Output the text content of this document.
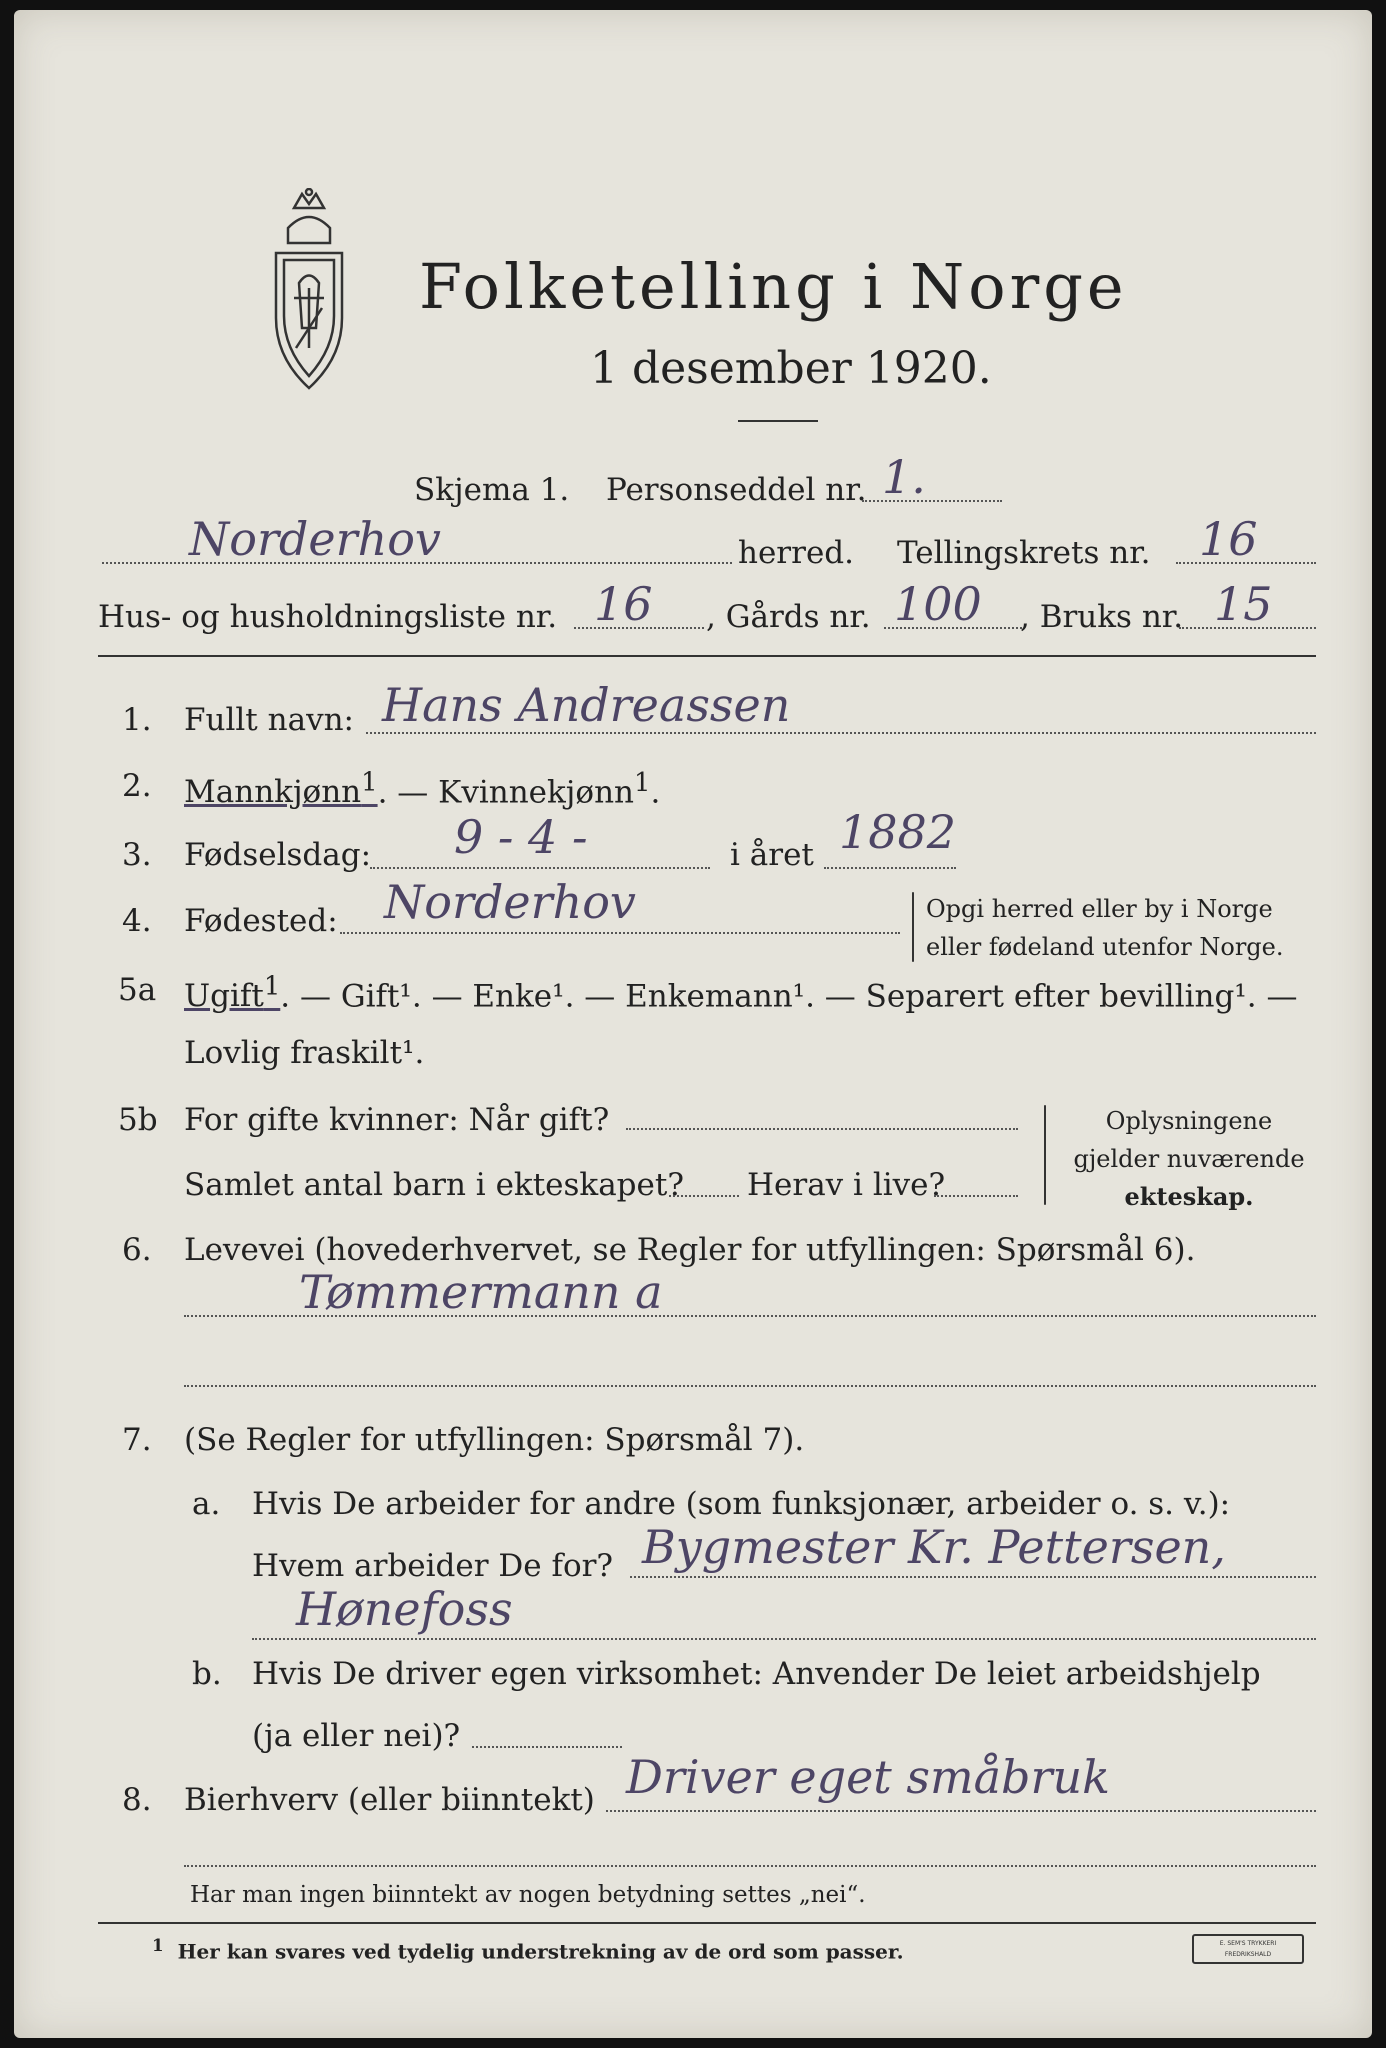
Folketelling i Norge
1 desember 1920.
Skjema 1. Personseddel nr. 1.
Norderhov	herred. Tellingskrets nr. 16
Hus- og husholdningsliste nr. 16 , Gårds nr. 100 , Bruks nr. 15
1. Fullt navn: Hans Andreassen
2. Mannkjønn$^1$. — Kvinnekjønn$^1$.
3. Fødselsdag: 9 - 4 -	i året 1882
4. Fødested: Norderhov	Opgi herred eller by i Norge
eller fødeland utenfor Norge.
5a Ugift$^1$. — Gift¹. — Enke¹. — Enkemann¹. — Separert efter bevilling¹. —
Lovlig fraskilt¹.
5b For gifte kvinner: Når gift?
Samlet antal barn i ekteskapet? Herav i live?
Oplysningene
gjelder nuværende
ekteskap.
6. Levevei (hovederhvervet, se Regler for utfyllingen: Spørsmål 6).
Tømmermann a
7. (Se Regler for utfyllingen: Spørsmål 7).
a. Hvis De arbeider for andre (som funksjonær, arbeider o. s. v.):
Hvem arbeider De for? Bygmester Kr. Pettersen,
Hønefoss
b. Hvis De driver egen virksomhet: Anvender De leiet arbeidshjelp
(ja eller nei)?
8. Bierhverv (eller biinntekt) Driver eget småbruk
Har man ingen biinntekt av nogen betydning settes „nei“.
$^1$ Her kan svares ved tydelig understrekning av de ord som passer.	E. SEM'S TRYKKERI
FREDRIKSHALD
